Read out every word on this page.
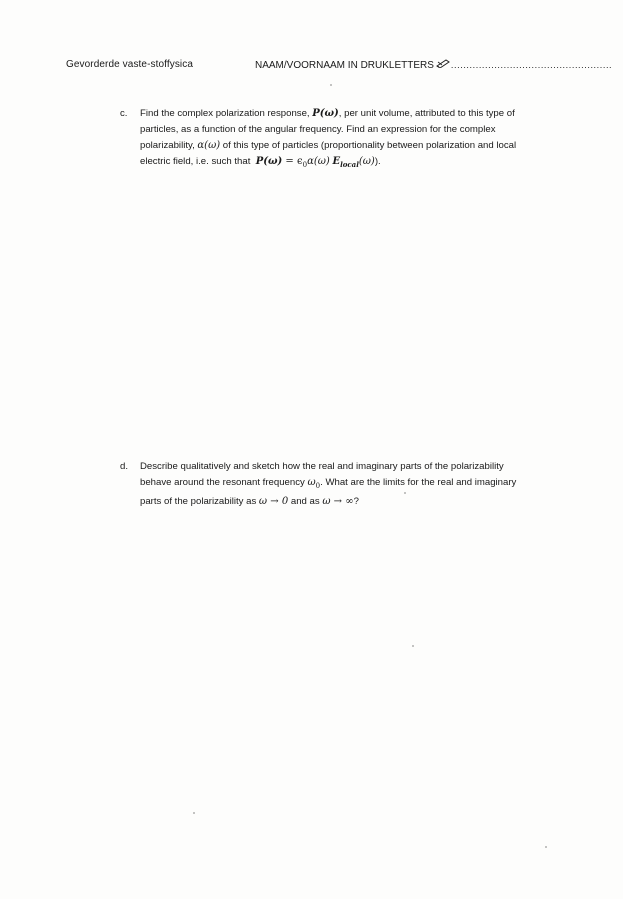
Gevorderde vaste-stoffysica	NAAM/VOORNAAM IN DRUKLETTERS ....................................................
c. Find the complex polarization response, P(ω), per unit volume, attributed to this type of
particles, as a function of the angular frequency. Find an expression for the complex
polarizability, α(ω) of this type of particles (proportionality between polarization and local
electric field, i.e. such that $P(\omega) = \epsilon_0\alpha(\omega)$ $E_{local}(\omega)$).
d. Describe qualitatively and sketch how the real and imaginary parts of the polarizability
behave around the resonant frequency $\omega_0$. What are the limits for the real and imaginary
parts of the polarizability as ω → 0 and as ω → ∞?
